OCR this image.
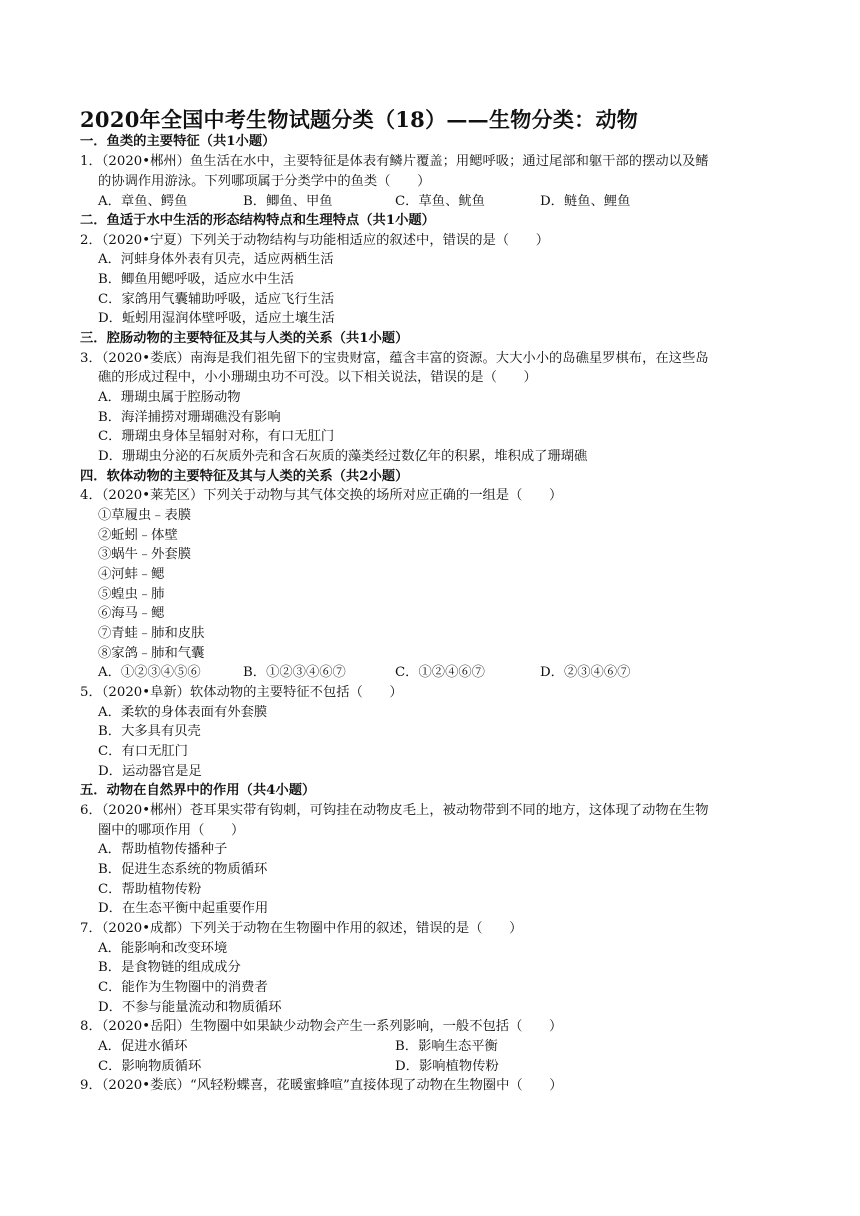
2020年全国中考生物试题分类（18）——生物分类：动物
一．鱼类的主要特征（共1小题）
1．（2020•郴州）鱼生活在水中，主要特征是体表有鳞片覆盖；用鳃呼吸；通过尾部和躯干部的摆动以及鳍
的协调作用游泳。下列哪项属于分类学中的鱼类（　　）
A．章鱼、鳄鱼	B．鲫鱼、甲鱼	C．草鱼、鱿鱼	D．鲢鱼、鲤鱼
二．鱼适于水中生活的形态结构特点和生理特点（共1小题）
2．（2020•宁夏）下列关于动物结构与功能相适应的叙述中，错误的是（　　）
A．河蚌身体外表有贝壳，适应两栖生活
B．鲫鱼用鳃呼吸，适应水中生活
C．家鸽用气囊辅助呼吸，适应飞行生活
D．蚯蚓用湿润体壁呼吸，适应土壤生活
三．腔肠动物的主要特征及其与人类的关系（共1小题）
3．（2020•娄底）南海是我们祖先留下的宝贵财富，蕴含丰富的资源。大大小小的岛礁星罗棋布，在这些岛
礁的形成过程中，小小珊瑚虫功不可没。以下相关说法，错误的是（　　）
A．珊瑚虫属于腔肠动物
B．海洋捕捞对珊瑚礁没有影响
C．珊瑚虫身体呈辐射对称，有口无肛门
D．珊瑚虫分泌的石灰质外壳和含石灰质的藻类经过数亿年的积累，堆积成了珊瑚礁
四．软体动物的主要特征及其与人类的关系（共2小题）
4．（2020•莱芜区）下列关于动物与其气体交换的场所对应正确的一组是（　　）
①草履虫﹣表膜
②蚯蚓﹣体壁
③蜗牛﹣外套膜
④河蚌﹣鳃
⑤蝗虫﹣肺
⑥海马﹣鳃
⑦青蛙﹣肺和皮肤
⑧家鸽﹣肺和气囊
A．①②③④⑤⑥	B．①②③④⑥⑦	C．①②④⑥⑦	D．②③④⑥⑦
5．（2020•阜新）软体动物的主要特征不包括（　　）
A．柔软的身体表面有外套膜
B．大多具有贝壳
C．有口无肛门
D．运动器官是足
五．动物在自然界中的作用（共4小题）
6．（2020•郴州）苍耳果实带有钩刺，可钩挂在动物皮毛上，被动物带到不同的地方，这体现了动物在生物
圈中的哪项作用（　　）
A．帮助植物传播种子
B．促进生态系统的物质循环
C．帮助植物传粉
D．在生态平衡中起重要作用
7．（2020•成都）下列关于动物在生物圈中作用的叙述，错误的是（　　）
A．能影响和改变环境
B．是食物链的组成成分
C．能作为生物圈中的消费者
D．不参与能量流动和物质循环
8．（2020•岳阳）生物圈中如果缺少动物会产生一系列影响，一般不包括（　　）
A．促进水循环	B．影响生态平衡
C．影响物质循环	D．影响植物传粉
9．（2020•娄底）“风轻粉蝶喜，花暖蜜蜂喧”直接体现了动物在生物圈中（　　）
